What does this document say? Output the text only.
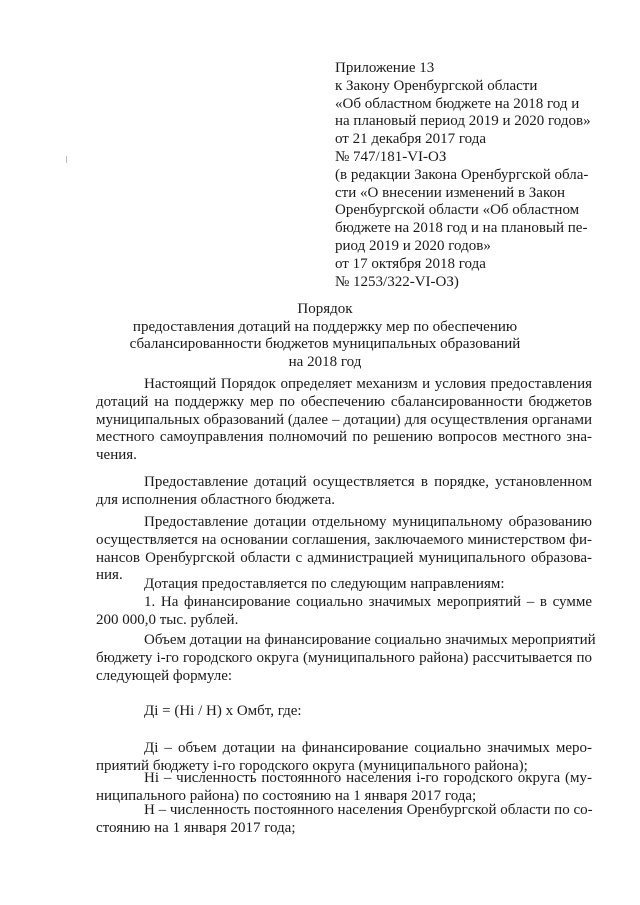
Приложение 13
к Закону Оренбургской области
«Об областном бюджете на 2018 год и
на плановый период 2019 и 2020 годов»
от 21 декабря 2017 года
№ 747/181-VI-ОЗ
(в редакции Закона Оренбургской обла-
сти «О внесении изменений в Закон
Оренбургской области «Об областном
бюджете на 2018 год и на плановый пе-
риод 2019 и 2020 годов»
от 17 октября 2018 года
№ 1253/322-VI-ОЗ)
Порядок
предоставления дотаций на поддержку мер по обеспечению
сбалансированности бюджетов муниципальных образований
на 2018 год
Настоящий Порядок определяет механизм и условия предоставления
дотаций на поддержку мер по обеспечению сбалансированности бюджетов
муниципальных образований (далее – дотации) для осуществления органами
местного самоуправления полномочий по решению вопросов местного зна-
чения.
Предоставление дотаций осуществляется в порядке, установленном
для исполнения областного бюджета.
Предоставление дотации отдельному муниципальному образованию
осуществляется на основании соглашения, заключаемого министерством фи-
нансов Оренбургской области с администрацией муниципального образова-
ния.
Дотация предоставляется по следующим направлениям:
1. На финансирование социально значимых мероприятий – в сумме
200 000,0 тыс. рублей.
Объем дотации на финансирование социально значимых мероприятий
бюджету i-го городского округа (муниципального района) рассчитывается по
следующей формуле:
Дi = (Нi / Н) х Омбт, где:
Дi – объем дотации на финансирование социально значимых меро-
приятий бюджету i-го городского округа (муниципального района);
Нi – численность постоянного населения i-го городского округа (му-
ниципального района) по состоянию на 1 января 2017 года;
Н – численность постоянного населения Оренбургской области по со-
стоянию на 1 января 2017 года;
